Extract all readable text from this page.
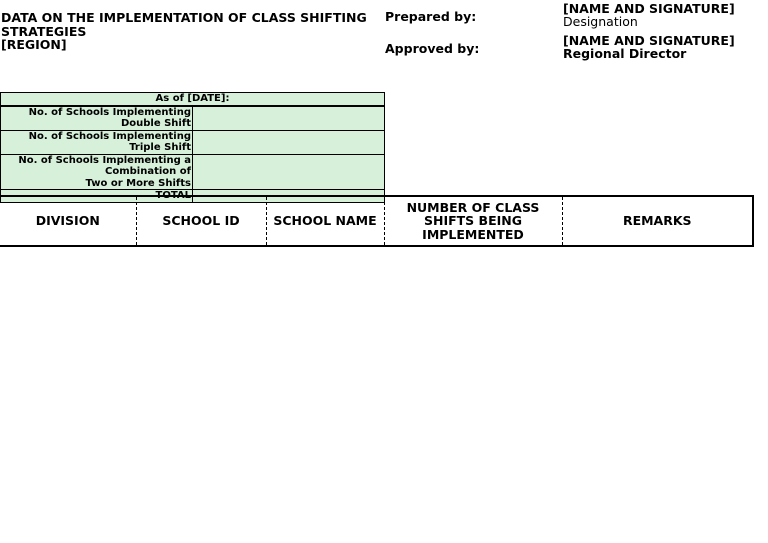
DATA ON THE IMPLEMENTATION OF CLASS SHIFTING
STRATEGIES
[REGION]
Prepared by:
[NAME AND SIGNATURE]
Designation
Approved by:
[NAME AND SIGNATURE]
Regional Director
As of [DATE]:	
No. of Schools Implementing Double Shift	
No. of Schools Implementing Triple Shift	

No. of Schools Implementing a Combination of
Two or More Shifts	

TOTAL	
DIVISION	SCHOOL ID	SCHOOL NAME	NUMBER OF CLASS SHIFTS BEING IMPLEMENTED	REMARKS
